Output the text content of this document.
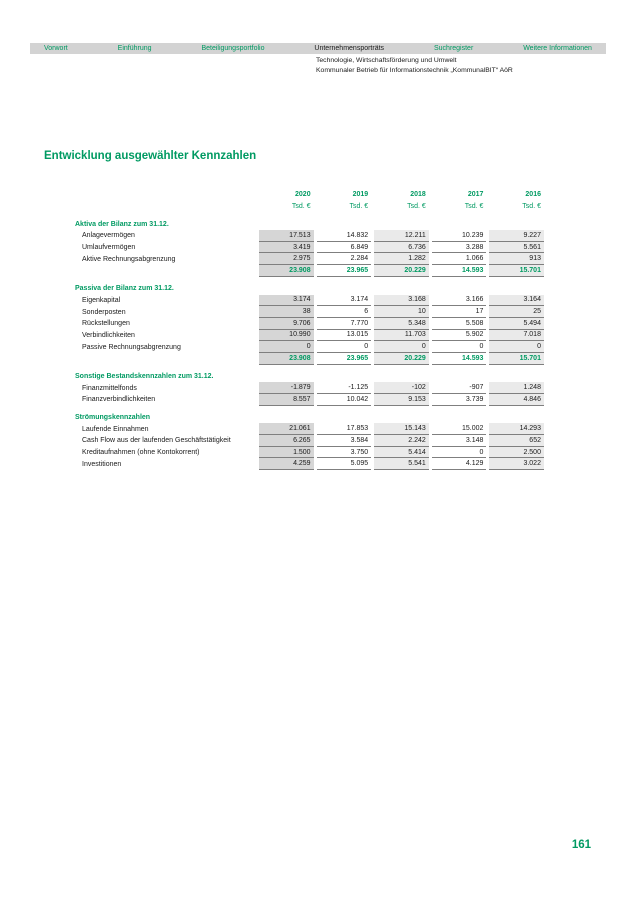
Vorwort	Einführung	Beteiligungsportfolio	Unternehmensporträts	Suchregister	Weitere Informationen
Technologie, Wirtschaftsförderung und Umwelt
Kommunaler Betrieb für Informationstechnik „KommunalBIT“ AöR
Entwicklung ausgewählter Kennzahlen
2020	2019	2018	2017	2016
Tsd. €	Tsd. €	Tsd. €	Tsd. €	Tsd. €
Aktiva der Bilanz zum 31.12.
Anlagevermögen	17.513	14.832	12.211	10.239	9.227
Umlaufvermögen	3.419	6.849	6.736	3.288	5.561
Aktive Rechnungsabgrenzung	2.975	2.284	1.282	1.066	913
23.908	23.965	20.229	14.593	15.701
Passiva der Bilanz zum 31.12.
Eigenkapital	3.174	3.174	3.168	3.166	3.164
Sonderposten	38	6	10	17	25
Rückstellungen	9.706	7.770	5.348	5.508	5.494
Verbindlichkeiten	10.990	13.015	11.703	5.902	7.018
Passive Rechnungsabgrenzung	0	0	0	0	0
23.908	23.965	20.229	14.593	15.701
Sonstige Bestandskennzahlen zum 31.12.
Finanzmittelfonds	-1.879	-1.125	-102	-907	1.248
Finanzverbindlichkeiten	8.557	10.042	9.153	3.739	4.846
Strömungskennzahlen
Laufende Einnahmen	21.061	17.853	15.143	15.002	14.293
Cash Flow aus der laufenden Geschäftstätigkeit	6.265	3.584	2.242	3.148	652
Kreditaufnahmen (ohne Kontokorrent)	1.500	3.750	5.414	0	2.500
Investitionen	4.259	5.095	5.541	4.129	3.022
161
